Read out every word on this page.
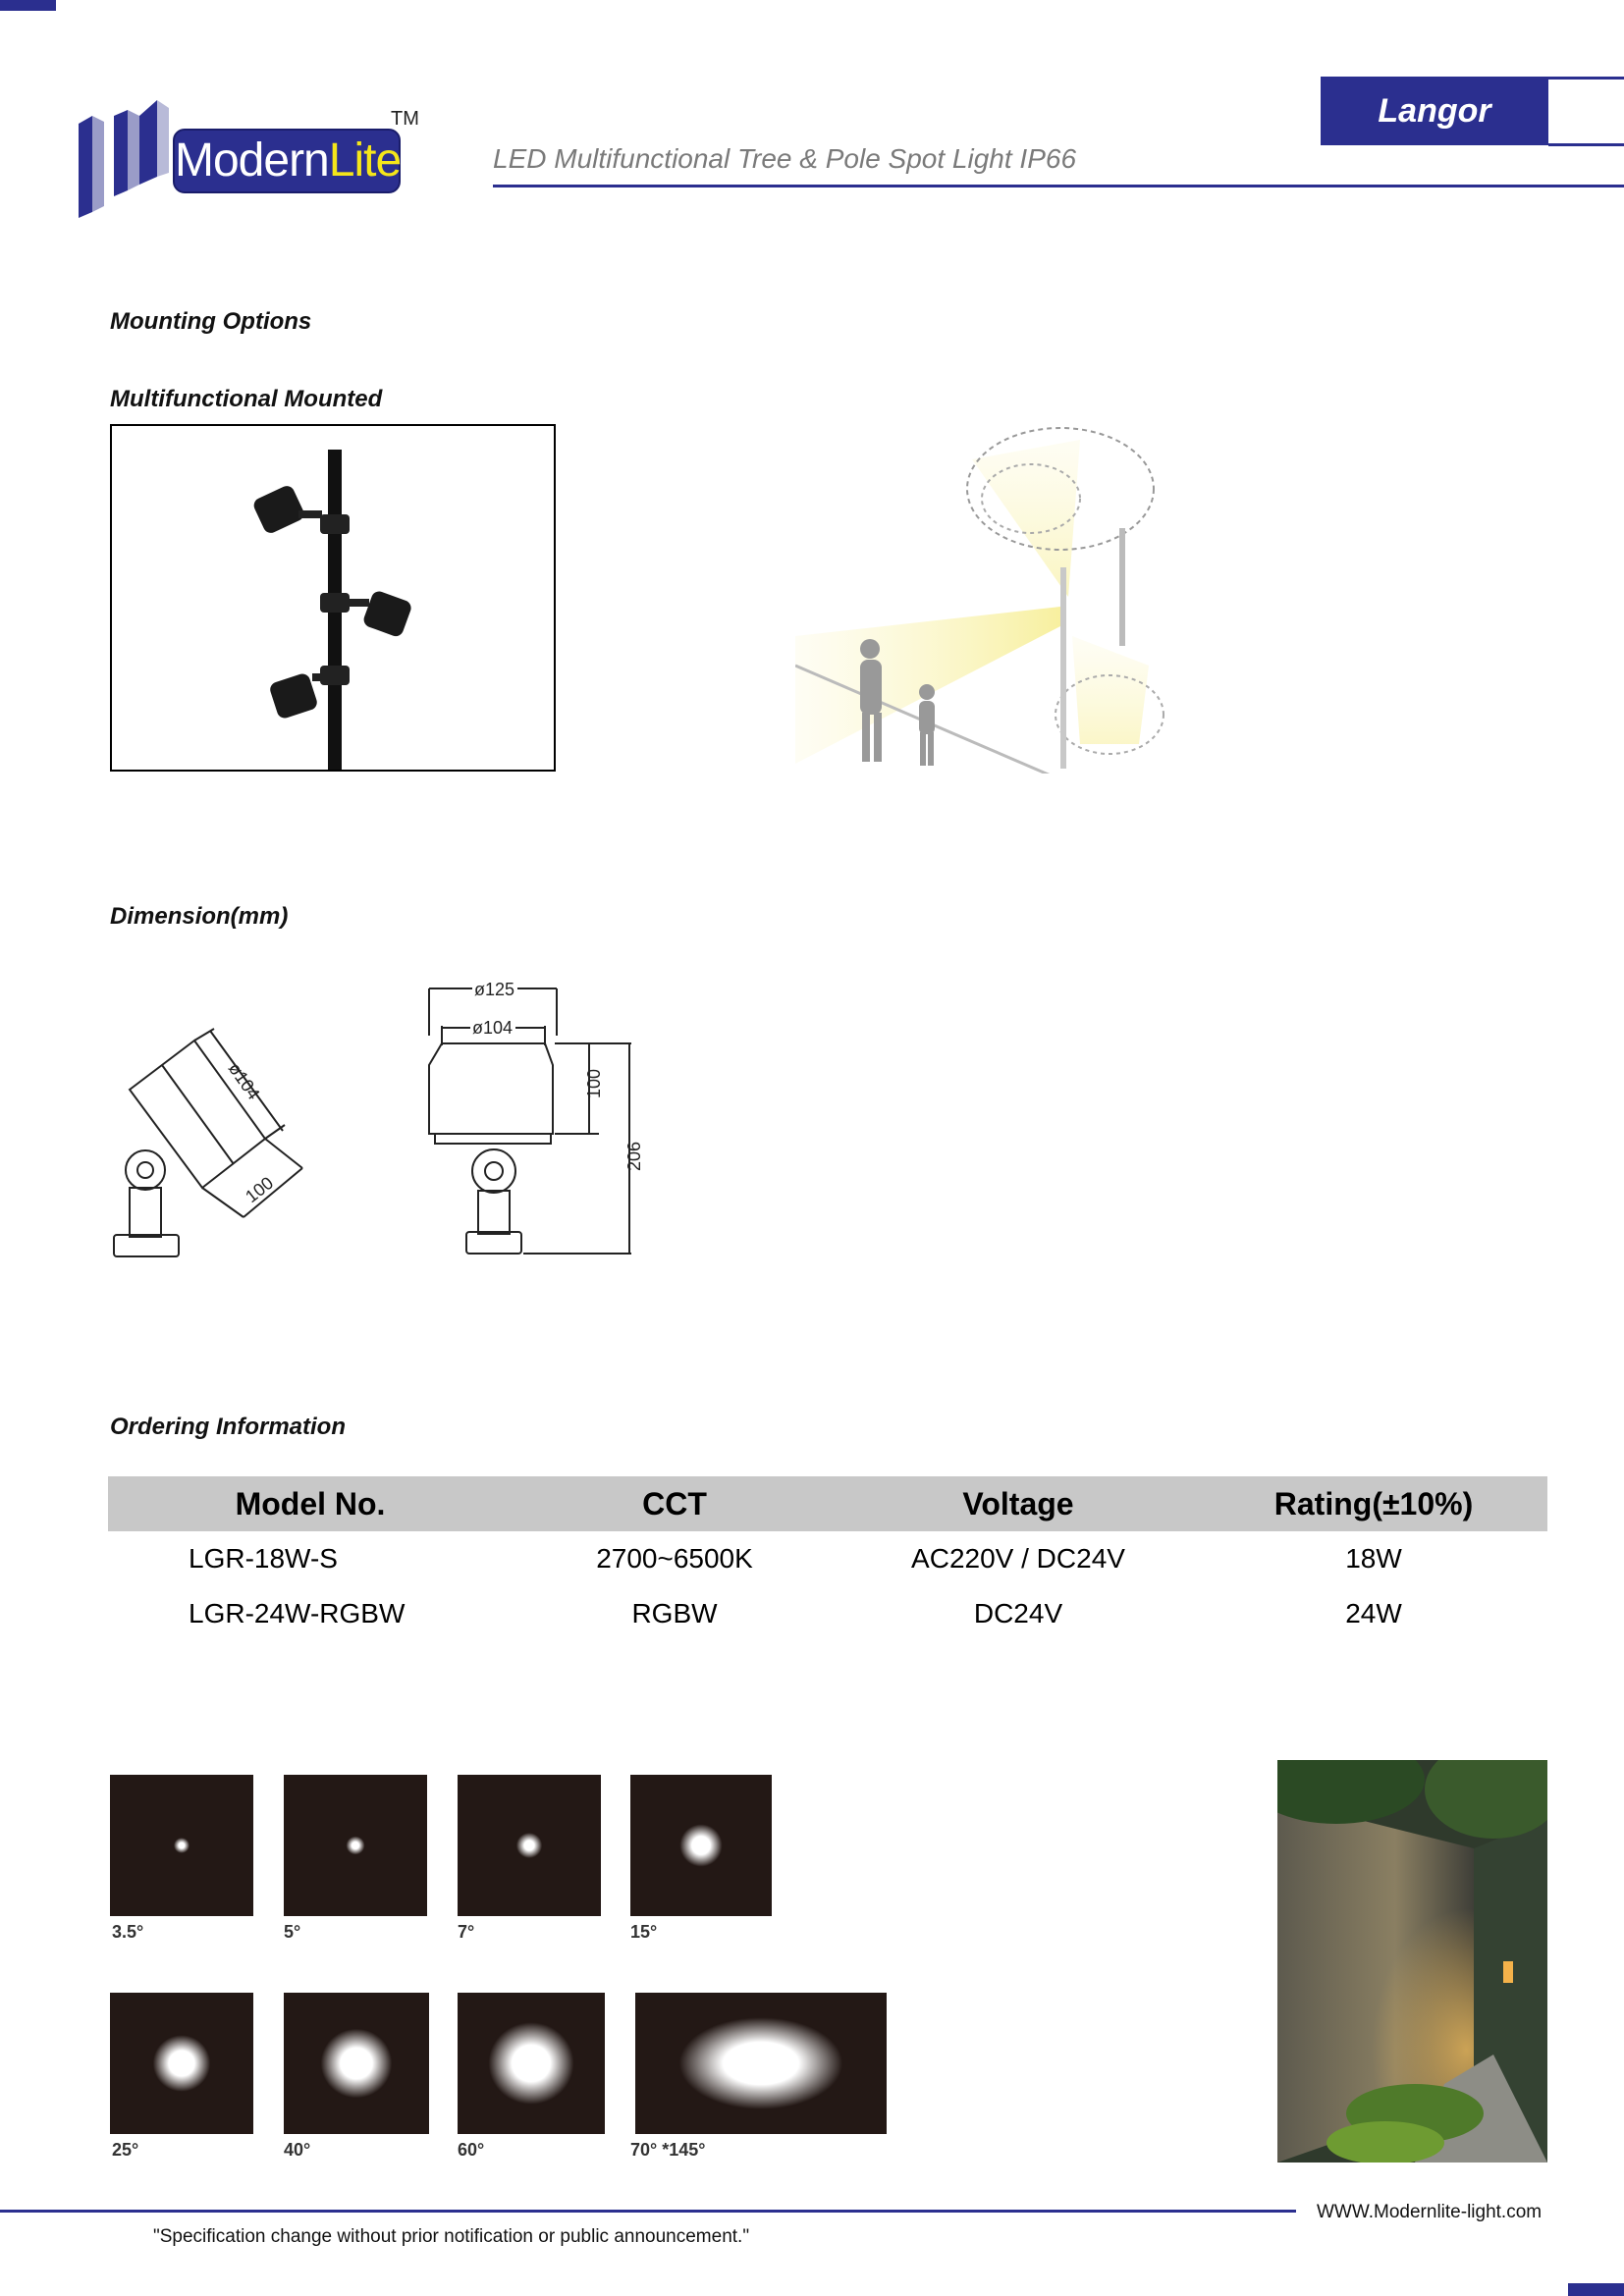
ModernLite
TM	Langor
LED Multifunctional Tree & Pole Spot Light IP66
Mounting Options
Multifunctional Mounted
Dimension(mm)
ø104
100
ø125
ø104
100
206
Ordering Information
Model No.	CCT	Voltage	Rating(±10%)
LGR-18W-S	2700~6500K	AC220V / DC24V	18W
LGR-24W-RGBW	RGBW	DC24V	24W
3.5°	5°	7°	15°
25°	40°	60°	70° *145°
WWW.Modernlite-light.com
"Specification change without prior notification or public announcement."
